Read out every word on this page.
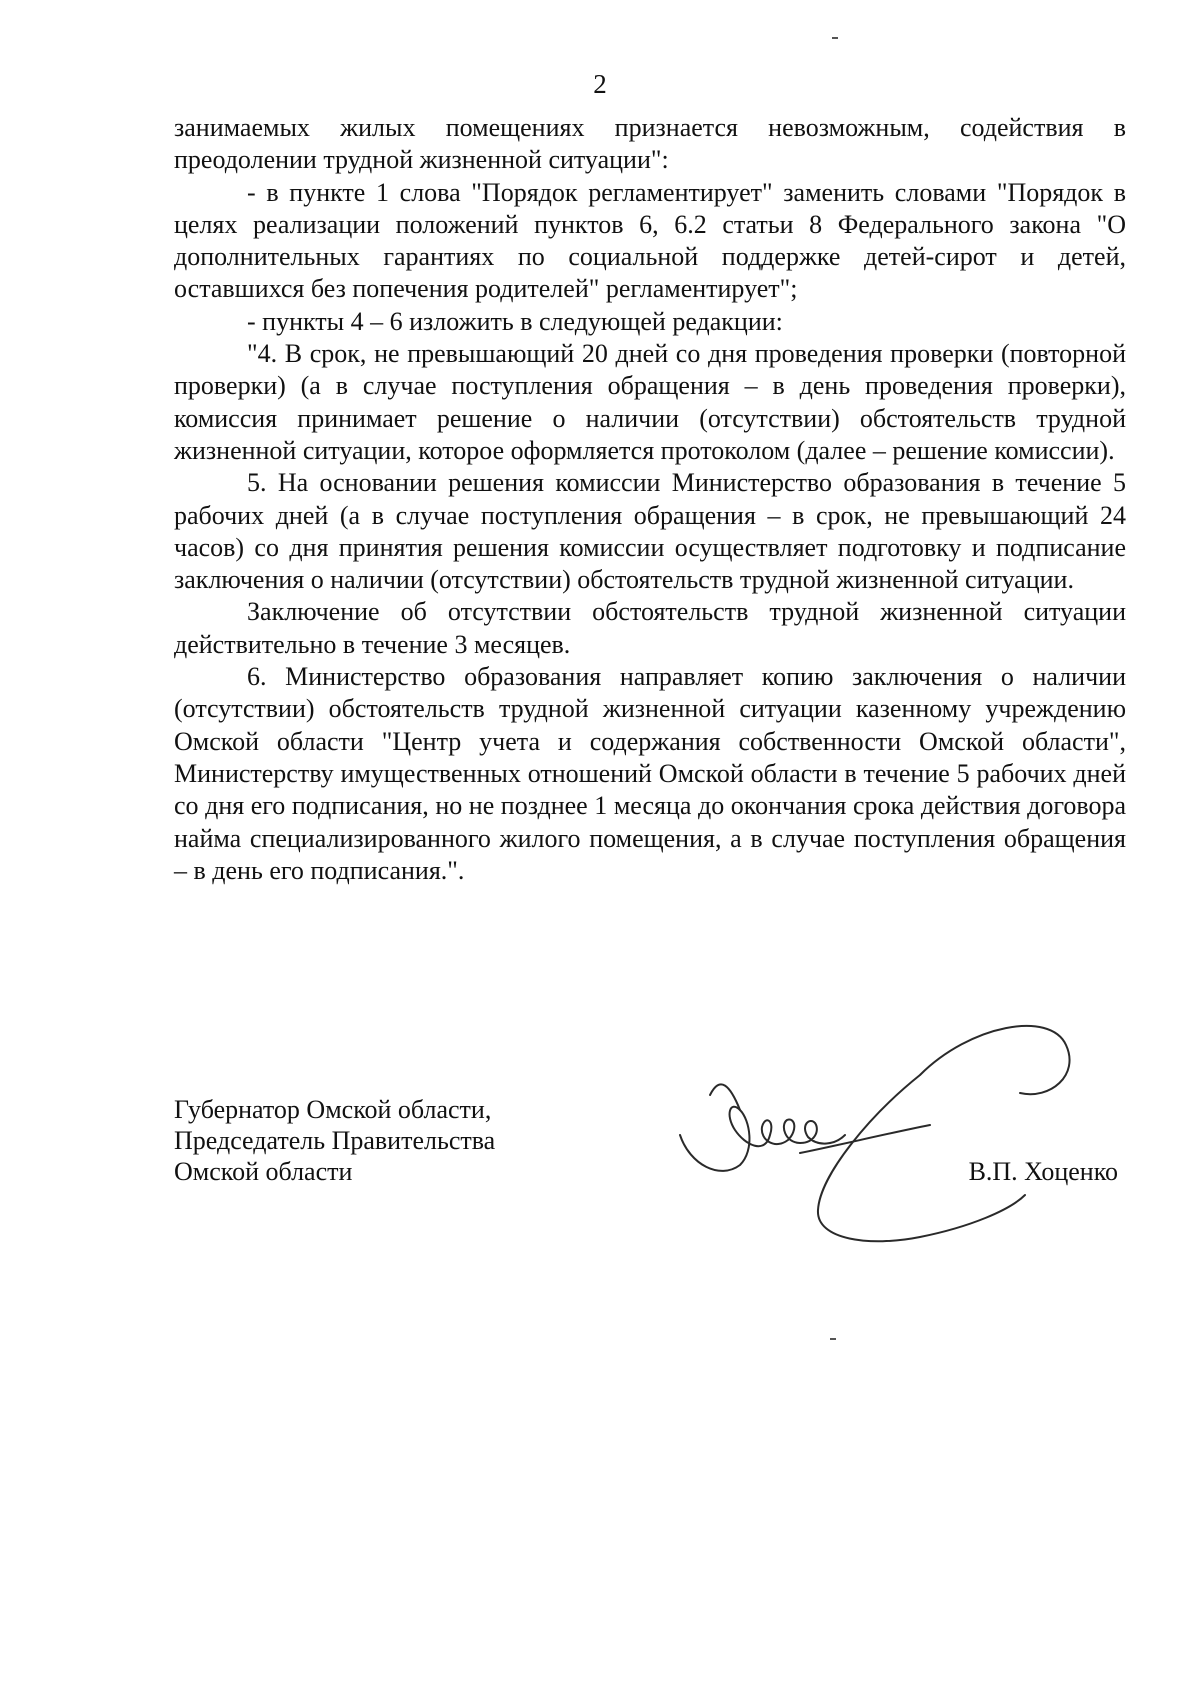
2

занимаемых жилых помещениях признается невозможным, содействия в преодолении трудной жизненной ситуации":

- в пункте 1 слова "Порядок регламентирует" заменить словами "Порядок в целях реализации положений пунктов 6, 6.2 статьи 8 Федерального закона "О дополнительных гарантиях по социальной поддержке детей-сирот и детей, оставшихся без попечения родителей" регламентирует";

- пункты 4 – 6 изложить в следующей редакции:

"4. В срок, не превышающий 20 дней со дня проведения проверки (повторной проверки) (а в случае поступления обращения – в день проведения проверки), комиссия принимает решение о наличии (отсутствии) обстоятельств трудной жизненной ситуации, которое оформляется протоколом (далее – решение комиссии).

5. На основании решения комиссии Министерство образования в течение 5 рабочих дней (а в случае поступления обращения – в срок, не превышающий 24 часов) со дня принятия решения комиссии осуществляет подготовку и подписание заключения о наличии (отсутствии) обстоятельств трудной жизненной ситуации.

Заключение об отсутствии обстоятельств трудной жизненной ситуации действительно в течение 3 месяцев.

6. Министерство образования направляет копию заключения о наличии (отсутствии) обстоятельств трудной жизненной ситуации казенному учреждению Омской области "Центр учета и содержания собственности Омской области", Министерству имущественных отношений Омской области в течение 5 рабочих дней со дня его подписания, но не позднее 1 месяца до окончания срока действия договора найма специализированного жилого помещения, а в случае поступления обращения – в день его подписания.".

Губернатор Омской области,
Председатель Правительства
Омской области	В.П. Хоценко
